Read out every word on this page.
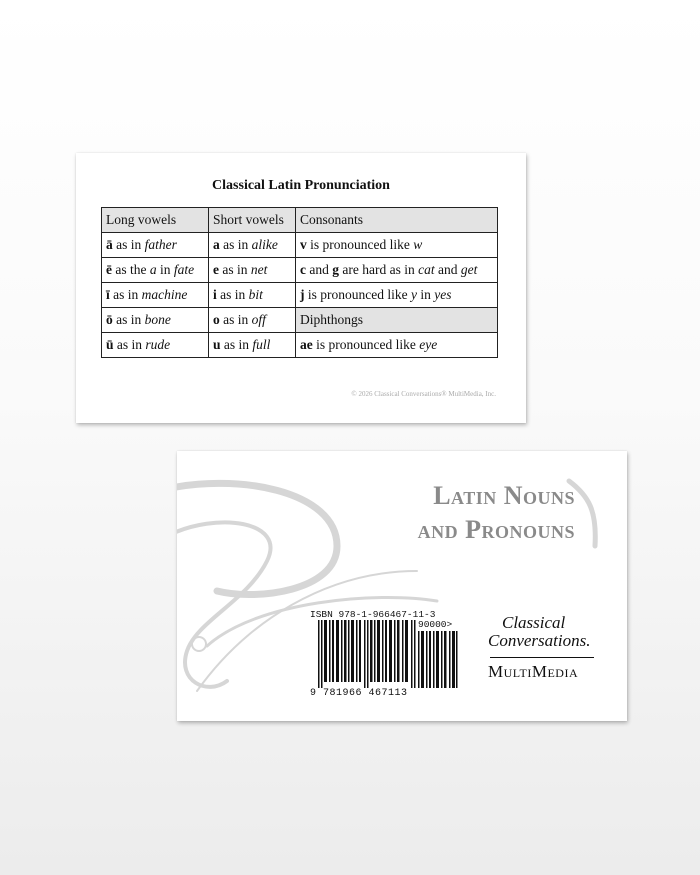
Classical Latin Pronunciation
Long vowels	Short vowels	Consonants
ā as in father	a as in alike	v is pronounced like w
ē as the a in fate	e as in net	c and g are hard as in cat and get
ī as in machine	i as in bit	j is pronounced like y in yes
ō as in bone	o as in off	Diphthongs
ū as in rude	u as in full	ae is pronounced like eye
© 2026 Classical Conversations® MultiMedia, Inc.
Latin Nouns
and Pronouns
ISBN 978-1-966467-11-3
90000>
9 781966 467113
Classical
Conversations.
MultiMedia
